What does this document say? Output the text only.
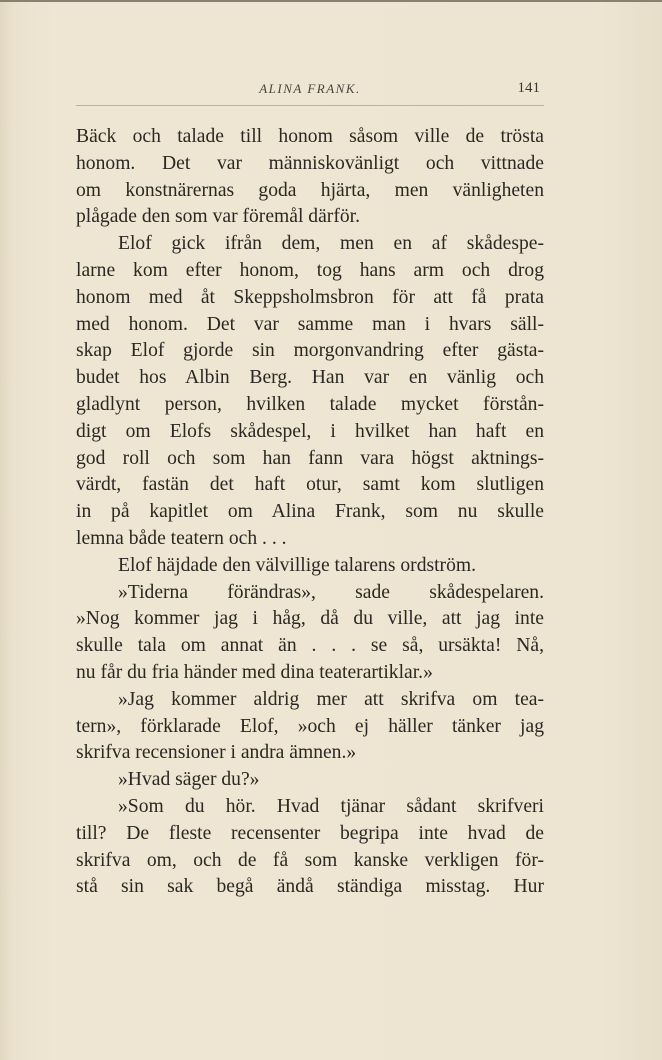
ALINA FRANK.	141
Bäck och talade till honom såsom ville de trösta
honom. Det var människovänligt och vittnade
om konstnärernas goda hjärta, men vänligheten
plågade den som var föremål därför.
Elof gick ifrån dem, men en af skådespe-
larne kom efter honom, tog hans arm och drog
honom med åt Skeppsholmsbron för att få prata
med honom. Det var samme man i hvars säll-
skap Elof gjorde sin morgonvandring efter gästa-
budet hos Albin Berg. Han var en vänlig och
gladlynt person, hvilken talade mycket förstån-
digt om Elofs skådespel, i hvilket han haft en
god roll och som han fann vara högst aktnings-
värdt, fastän det haft otur, samt kom slutligen
in på kapitlet om Alina Frank, som nu skulle
lemna både teatern och . . .
Elof häjdade den välvillige talarens ordström.
»Tiderna förändras», sade skådespelaren.
»Nog kommer jag i håg, då du ville, att jag inte
skulle tala om annat än . . . se så, ursäkta! Nå,
nu får du fria händer med dina teaterartiklar.»
»Jag kommer aldrig mer att skrifva om tea-
tern», förklarade Elof, »och ej häller tänker jag
skrifva recensioner i andra ämnen.»
»Hvad säger du?»
»Som du hör. Hvad tjänar sådant skrifveri
till? De fleste recensenter begripa inte hvad de
skrifva om, och de få som kanske verkligen för-
stå sin sak begå ändå ständiga misstag. Hur
